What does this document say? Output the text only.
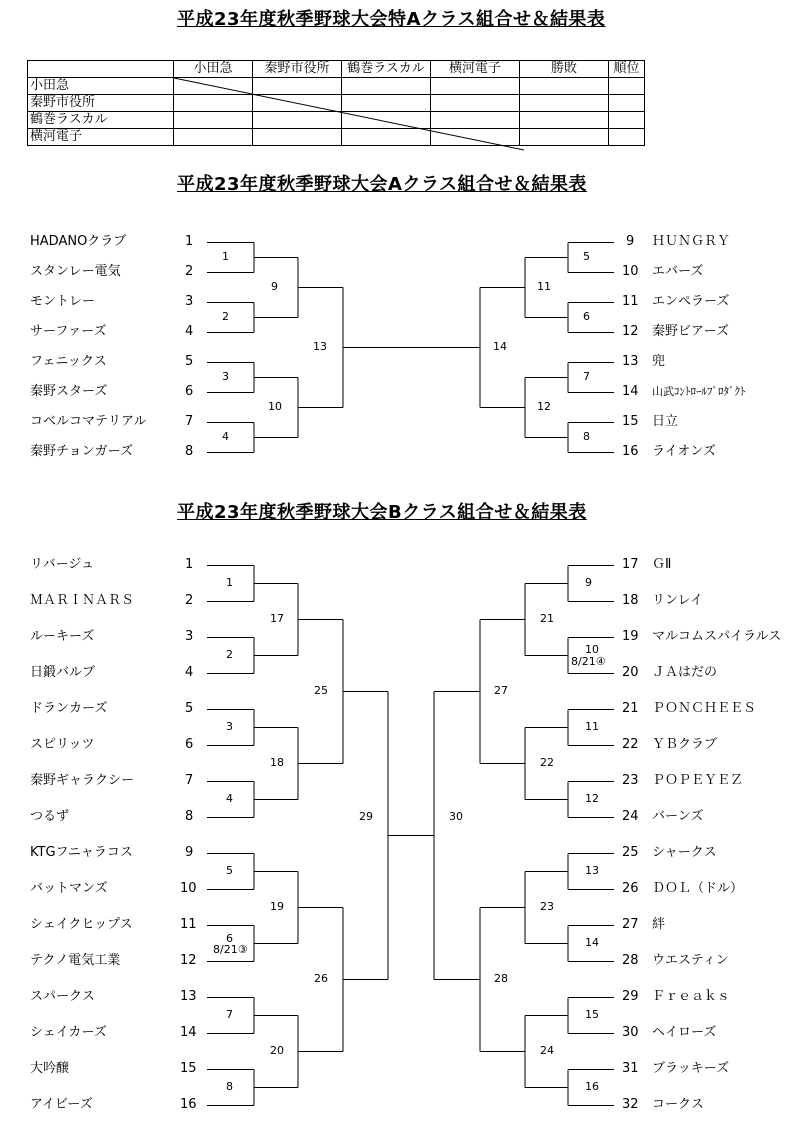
平成23年度秋季野球大会特Aクラス組合せ＆結果表
平成23年度秋季野球大会Aクラス組合せ＆結果表
平成23年度秋季野球大会Bクラス組合せ＆結果表
	小田急	秦野市役所	鶴巻ラスカル	横河電子	勝敗	順位
小田急						
秦野市役所						
鶴巻ラスカル						
横河電子						
HADANOクラブ	1
スタンレー電気	2
モントレー	3
サーファーズ	4
フェニックス	5
秦野スターズ	6
コベルコマテリアル	7
秦野チョンガーズ	8
9 ＨＵＮＧＲＹ
10 エバーズ
11 エンペラーズ
12 秦野ビアーズ
13 兜
14 山武ｺﾝﾄﾛｰﾙﾌﾟﾛﾀﾞｸﾄ
15 日立
16 ライオンズ
1
2
3
4
5
6
7
8
9
10
11
12
13	14
リバージュ	1
ＭＡＲＩＮＡＲＳ	2
ルーキーズ	3
日鍛バルブ	4
ドランカーズ	5
スピリッツ	6
秦野ギャラクシー	7
つるず	8
KTGフニャラコス	9
バットマンズ	10
シェイクヒップス	11
テクノ電気工業	12
スパークス	13
シェイカーズ	14
大吟醸	15
アイビーズ	16
17 ＧⅡ
18 リンレイ
19 マルコムスパイラルス
20 ＪＡはだの
21 ＰＯＮＣＨＥＥＳ
22 ＹＢクラブ
23 ＰＯＰＥＹＥＺ
24 バーンズ
25 シャークス
26 ＤＯＬ（ドル）
27 絆
28 ウエスティン
29 Ｆｒｅａｋｓ
30 ヘイローズ
31 ブラッキーズ
32 コークス
1
2
3
4
5
6
7
8
9
10
11
12
13
14
15
16
17
18
19
20
21
22
23
24
25
26
27
28
29	30
8/21③
8/21④
